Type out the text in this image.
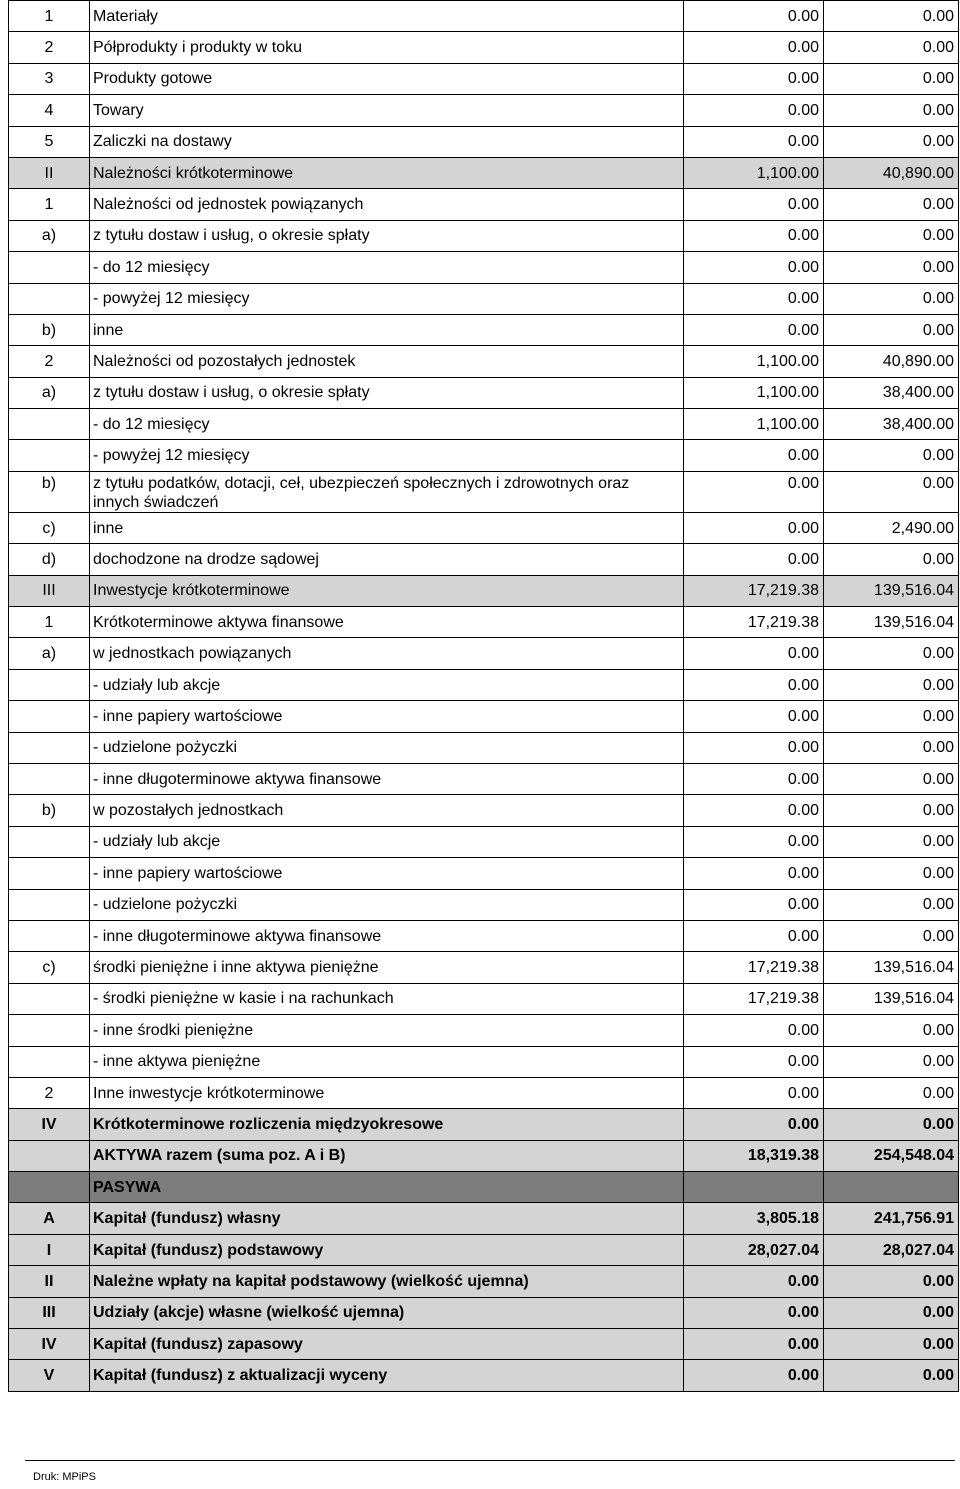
1	Materiały	0.00	0.00
2	Półprodukty i produkty w toku	0.00	0.00
3	Produkty gotowe	0.00	0.00
4	Towary	0.00	0.00
5	Zaliczki na dostawy	0.00	0.00
II	Należności krótkoterminowe	1,100.00	40,890.00
1	Należności od jednostek powiązanych	0.00	0.00
a)	z tytułu dostaw i usług, o okresie spłaty	0.00	0.00
	- do 12 miesięcy	0.00	0.00
	- powyżej 12 miesięcy	0.00	0.00
b)	inne	0.00	0.00
2	Należności od pozostałych jednostek	1,100.00	40,890.00
a)	z tytułu dostaw i usług, o okresie spłaty	1,100.00	38,400.00
	- do 12 miesięcy	1,100.00	38,400.00
	- powyżej 12 miesięcy	0.00	0.00
b)	z tytułu podatków, dotacji, ceł, ubezpieczeń społecznych i zdrowotnych oraz innych świadczeń	0.00	0.00
c)	inne	0.00	2,490.00
d)	dochodzone na drodze sądowej	0.00	0.00
III	Inwestycje krótkoterminowe	17,219.38	139,516.04
1	Krótkoterminowe aktywa finansowe	17,219.38	139,516.04
a)	w jednostkach powiązanych	0.00	0.00
	- udziały lub akcje	0.00	0.00
	- inne papiery wartościowe	0.00	0.00
	- udzielone pożyczki	0.00	0.00
	- inne długoterminowe aktywa finansowe	0.00	0.00
b)	w pozostałych jednostkach	0.00	0.00
	- udziały lub akcje	0.00	0.00
	- inne papiery wartościowe	0.00	0.00
	- udzielone pożyczki	0.00	0.00
	- inne długoterminowe aktywa finansowe	0.00	0.00
c)	środki pieniężne i inne aktywa pieniężne	17,219.38	139,516.04
	- środki pieniężne w kasie i na rachunkach	17,219.38	139,516.04
	- inne środki pieniężne	0.00	0.00
	- inne aktywa pieniężne	0.00	0.00
2	Inne inwestycje krótkoterminowe	0.00	0.00
IV	Krótkoterminowe rozliczenia międzyokresowe	0.00	0.00
	AKTYWA razem (suma poz. A i B)	18,319.38	254,548.04
	PASYWA		
A	Kapitał (fundusz) własny	3,805.18	241,756.91
I	Kapitał (fundusz) podstawowy	28,027.04	28,027.04
II	Należne wpłaty na kapitał podstawowy (wielkość ujemna)	0.00	0.00
III	Udziały (akcje) własne (wielkość ujemna)	0.00	0.00
IV	Kapitał (fundusz) zapasowy	0.00	0.00
V	Kapitał (fundusz) z aktualizacji wyceny	0.00	0.00
Druk: MPiPS
